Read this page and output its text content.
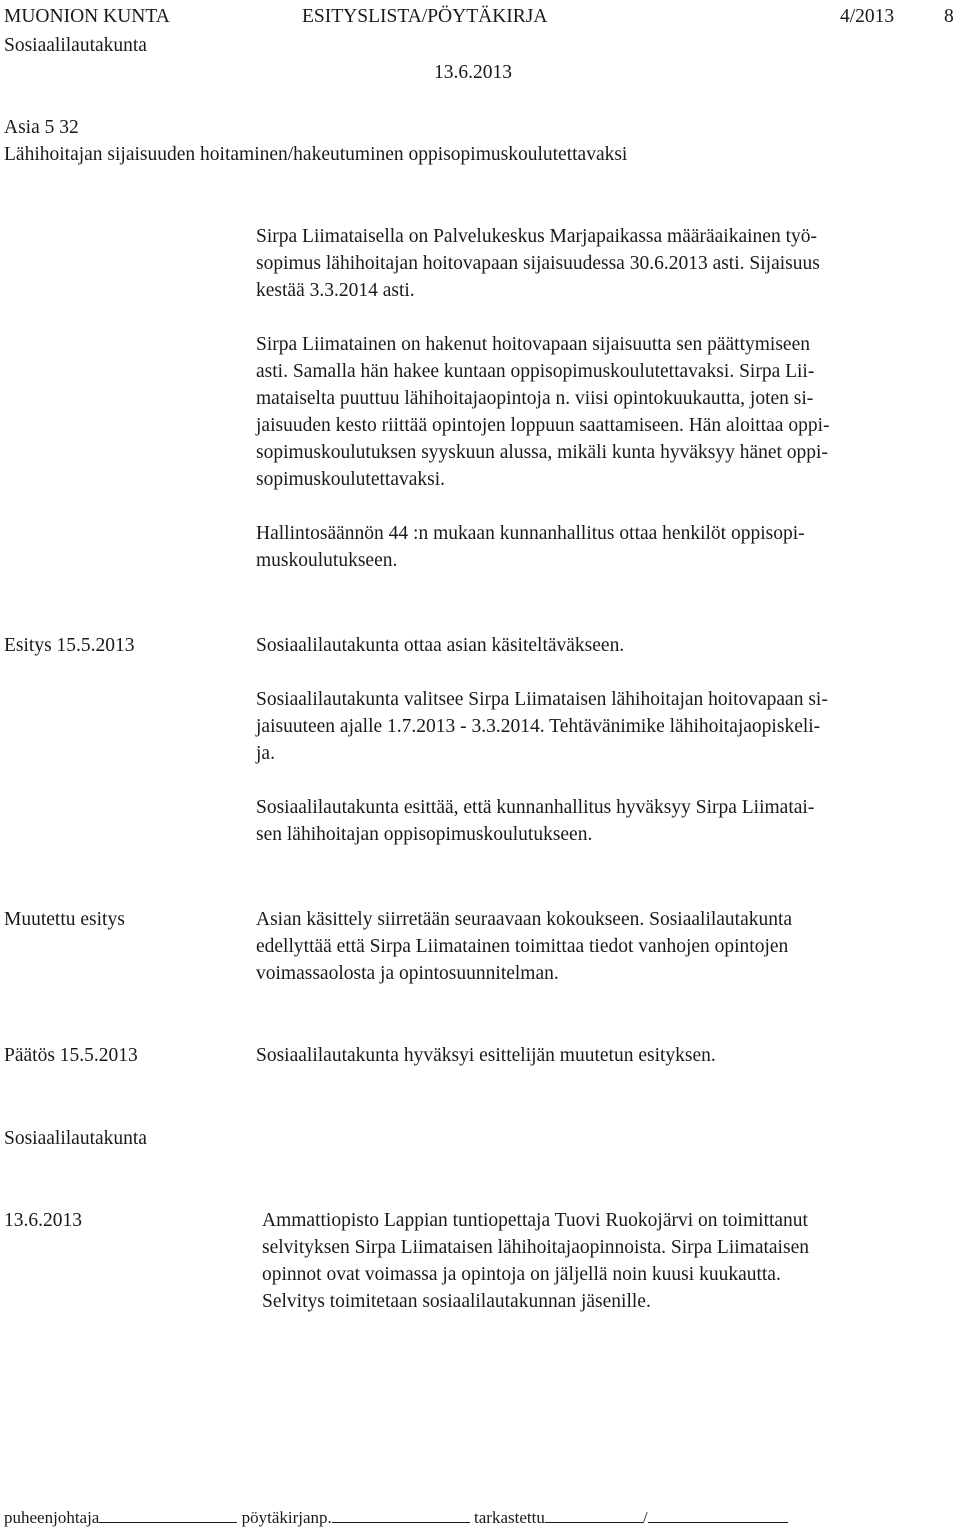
MUONION KUNTA	ESITYSLISTA/PÖYTÄKIRJA	4/2013	8
Sosiaalilautakunta
13.6.2013
Asia 5 32
Lähihoitajan sijaisuuden hoitaminen/hakeutuminen oppisopimuskoulutettavaksi

Sirpa Liimataisella on Palvelukeskus Marjapaikassa määräaikainen työ-

sopimus lähihoitajan hoitovapaan sijaisuudessa 30.6.2013 asti. Sijaisuus

kestää 3.3.2014 asti.

Sirpa Liimatainen on hakenut hoitovapaan sijaisuutta sen päättymiseen

asti. Samalla hän hakee kuntaan oppisopimuskoulutettavaksi. Sirpa Lii-

mataiselta puuttuu lähihoitajaopintoja n. viisi opintokuukautta, joten si-

jaisuuden kesto riittää opintojen loppuun saattamiseen. Hän aloittaa oppi-

sopimuskoulutuksen syyskuun alussa, mikäli kunta hyväksyy hänet oppi-

sopimuskoulutettavaksi.

Hallintosäännön 44 :n mukaan kunnanhallitus ottaa henkilöt oppisopi-

muskoulutukseen.

Esitys 15.5.2013	Sosiaalilautakunta ottaa asian käsiteltäväkseen.

Sosiaalilautakunta valitsee Sirpa Liimataisen lähihoitajan hoitovapaan si-

jaisuuteen ajalle 1.7.2013 - 3.3.2014. Tehtävänimike lähihoitajaopiskeli-

ja.

Sosiaalilautakunta esittää, että kunnanhallitus hyväksyy Sirpa Liimatai-

sen lähihoitajan oppisopimuskoulutukseen.

Muutettu esitys	Asian käsittely siirretään seuraavaan kokoukseen. Sosiaalilautakunta

edellyttää että Sirpa Liimatainen toimittaa tiedot vanhojen opintojen

voimassaolosta ja opintosuunnitelman.

Päätös 15.5.2013	Sosiaalilautakunta hyväksyi esittelijän muutetun esityksen.
Sosiaalilautakunta
13.6.2013	Ammattiopisto Lappian tuntiopettaja Tuovi Ruokojärvi on toimittanut

selvityksen Sirpa Liimataisen lähihoitajaopinnoista. Sirpa Liimataisen

opinnot ovat voimassa ja opintoja on jäljellä noin kuusi kuukautta.

Selvitys toimitetaan sosiaalilautakunnan jäsenille.

puheenjohtaja	pöytäkirjanp.	tarkastettu	/
